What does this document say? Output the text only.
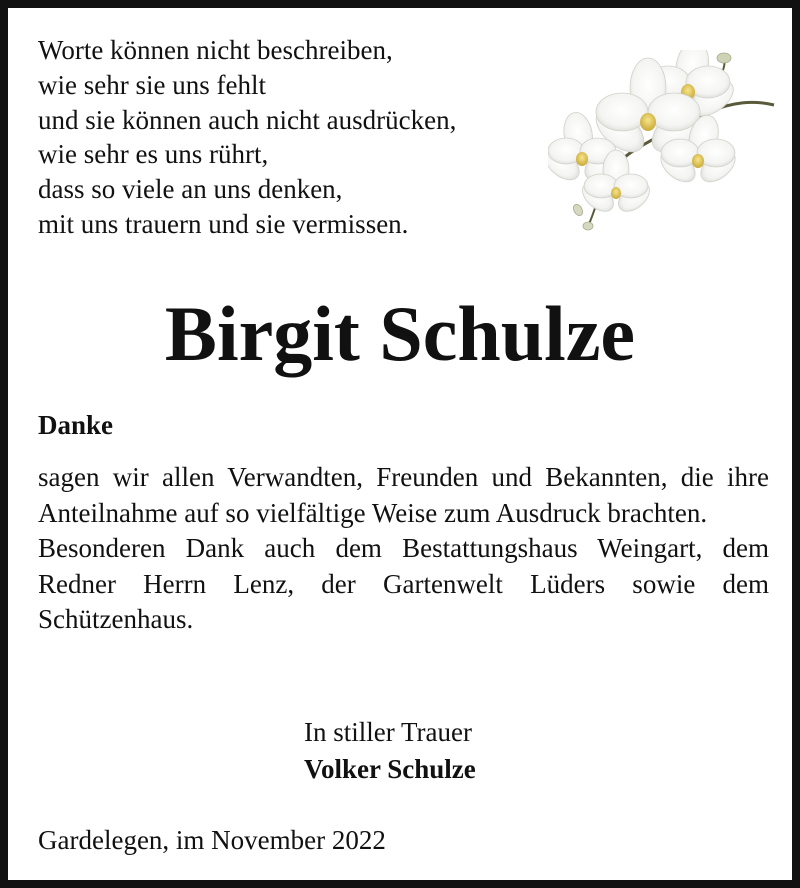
Worte können nicht beschreiben,
wie sehr sie uns fehlt
und sie können auch nicht ausdrücken,
wie sehr es uns rührt,
dass so viele an uns denken,
mit uns trauern und sie vermissen.

Birgit Schulze
Danke
sagen wir allen Verwandten, Freunden und Bekannten, die ihre Anteilnahme auf so vielfältige Weise zum Ausdruck brachten.
Besonderen Dank auch dem Bestattungshaus Weingart, dem Redner Herrn Lenz, der Gartenwelt Lüders sowie dem Schützenhaus.
In stiller Trauer
Volker Schulze
Gardelegen, im November 2022
